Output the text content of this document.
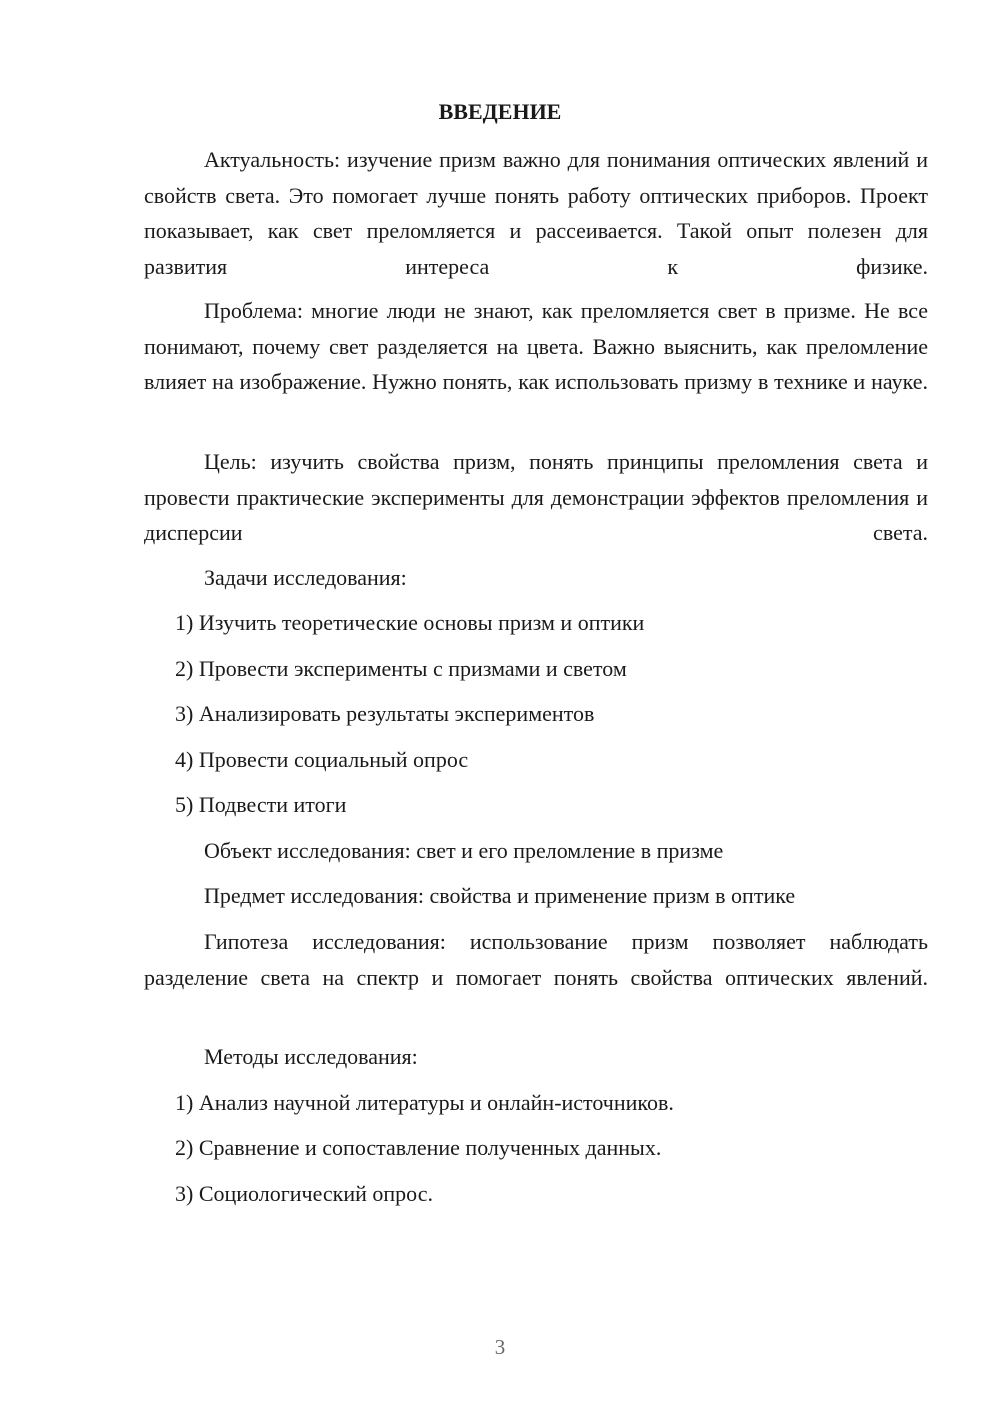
ВВЕДЕНИЕ

Актуальность: изучение призм важно для понимания оптических явлений и свойств света. Это помогает лучше понять работу оптических приборов. Проект показывает, как свет преломляется и рассеивается. Такой опыт полезен для развития интереса к физике.

Проблема: многие люди не знают, как преломляется свет в призме. Не все понимают, почему свет разделяется на цвета. Важно выяснить, как преломление влияет на изображение. Нужно понять, как использовать призму в технике и науке.

Цель: изучить свойства призм, понять принципы преломления света и провести практические эксперименты для демонстрации эффектов преломления и дисперсии света.

Задачи исследования:
1) Изучить теоретические основы призм и оптики
2) Провести эксперименты с призмами и светом
3) Анализировать результаты экспериментов
4) Провести социальный опрос
5) Подвести итоги
Объект исследования: свет и его преломление в призме
Предмет исследования: свойства и применение призм в оптике

Гипотеза исследования: использование призм позволяет наблюдать разделение света на спектр и помогает понять свойства оптических явлений.

Методы исследования:
1) Анализ научной литературы и онлайн-источников.
2) Сравнение и сопоставление полученных данных.
3) Социологический опрос.
3
